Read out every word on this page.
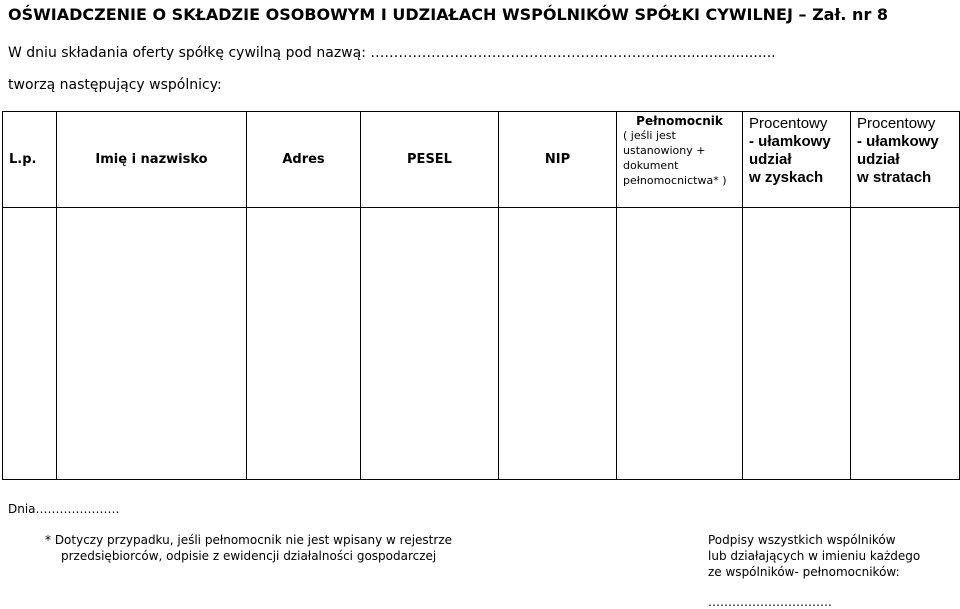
OŚWIADCZENIE O SKŁADZIE OSOBOWYM I UDZIAŁACH WSPÓLNIKÓW SPÓŁKI CYWILNEJ – Zał. nr 8
W dniu składania oferty spółkę cywilną pod nazwą: ……………………………………………………….........................
tworzą następujący wspólnicy:
L.p.	Imię i nazwisko	Adres	PESEL	NIP	Pełnomocnik
( jeśli jest
ustanowiony +
dokument
pełnomocnictwa* )	Procentowy
- ułamkowy
udział
w zyskach	Procentowy
- ułamkowy
udział
w stratach

Dnia…………………
* Dotyczy przypadku, jeśli pełnomocnik nie jest wpisany w rejestrze
przedsiębiorców, odpisie z ewidencji działalności gospodarczej
Podpisy wszystkich wspólników
lub działających w imieniu każdego
ze wspólników- pełnomocników:
………………………….
